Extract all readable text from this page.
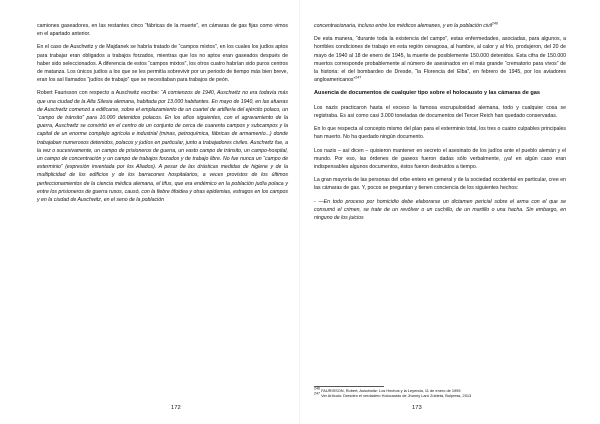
camiones gaseadores, en las restantes cinco “fábricas de la muerte”, en cámaras de gas fijas como vimos en el apartado anterior.

En el caso de Auschwitz y de Majdanek se habría tratado de “campos mixtos”, en los cuales los judíos aptos para trabajar eran obligados a trabajos forzados, mientras que los no aptos eran gaseados después de haber sido seleccionados. A diferencia de estos “campos mixtos”, los otros cuatro habrían sido puros centros de matanza. Los únicos judíos a los que se les permitía sobrevivir por un periodo de tiempo más bien breve, eran los así llamados “judíos de trabajo” que se necesitaban para trabajos de peón.

Robert Faurisson con respecto a Auschwitz escribe: “A comienzos de 1940, Auschwitz no era todavía más que una ciudad de la Alta Silesia alemana, habitada por 13.000 habitantes. En mayo de 1940, en las afueras de Auschwitz comenzó a edificarse, sobre el emplazamiento de un cuartel de artillería del ejército polaco, un “campo de tránsito” para 10.000 detenidos polacos. En los años siguientes, con el agravamiento de la guerra, Auschwitz se convirtió en el centro de un conjunto de cerca de cuarenta campos y subcampos y la capital de un enorme complejo agrícola e industrial (minas, petroquímica, fábricas de armamento...) donde trabajaban numerosos detenidos, polacos y judíos en particular, junto a trabajadores civiles. Auschwitz fue, a la vez o sucesivamente, un campo de prisioneros de guerra, un vasto campo de tránsito, un campo-hospital, un campo de concentración y un campo de trabajos forzados y de trabajo libre. No fue nunca un “campo de exterminio” (expresión inventada por los Aliados). A pesar de las drásticas medidas de higiene y de la multiplicidad de los edificios y de los barracones hospitalarios, a veces provistos de los últimos perfeccionamientos de la ciencia médica alemana, el tifus, que era endémico en la población judía polaca y entre los prisioneros de guerra rusos, causó, con la fiebre tifoidea y otras epidemias, estragos en los campos y en la ciudad de Auschwitz, en el seno de la población

172

concentracionaria, incluso entre los médicos alemanes, y en la población civil$^{246}$

De esta manera, “durante toda la existencia del campo”, estas enfermedades, asociadas, para algunos, a horribles condiciones de trabajo en esta región cenagosa, al hambre, al calor y al frío, produjeron, del 20 de mayo de 1940 al 18 de enero de 1945, la muerte de posiblemente 150.000 detenidos. Esta cifra de 150.000 muertos corresponde probablemente al número de asesinados en el más grande “crematorio para vivos” de la historia: el del bombardeo de Dresde, “la Florencia del Elba”, en febrero de 1945, por los aviadores angloamericanos”$^{247}$

Ausencia de documentos de cualquier tipo sobre el holocausto y las cámaras de gas

Los nazis practicaron hasta el exceso la famosa escrupulosidad alemana, todo y cualquier cosa se registraba. Es así como casi 3.000 toneladas de documentos del Tercer Reich han quedado conservadas.

En lo que respecta al concepto mismo del plan para el exterminio total, los tres o cuatro culpables principales han muerto. No ha quedado ningún documento.

Los nazis – así dicen – quisieron mantener en secreto el asesinato de los judíos ante el pueblo alemán y el mundo. Por eso, las órdenes de gaseos fueron dadas sólo verbalmente, ¡ya! en algún caso eran indispensables algunos documentos, éstos fueron destruidos a tiempo.

La gran mayoría de las personas del orbe entero en general y de la sociedad occidental en particular, cree en las cámaras de gas. Y, pocos se preguntan y tienen conciencia de los siguientes hechos:

- —En todo proceso por homicidio debe elaborarse un dictamen pericial sobre el arma con el que se consumó el crimen, se trate de un revólver o un cuchillo, de un martillo o una hacha. Sin embargo, en ninguno de los juicios

$^{246}$ FAURISSON, Robert, Auschwitz: Los Hechos y la Leyenda, 11 de enero de 1995

$^{247}$ Ver Artículo: Dresden el verdadero Holocausto de Jhonny Laró Zubieta, Bolpress, 2013

173
